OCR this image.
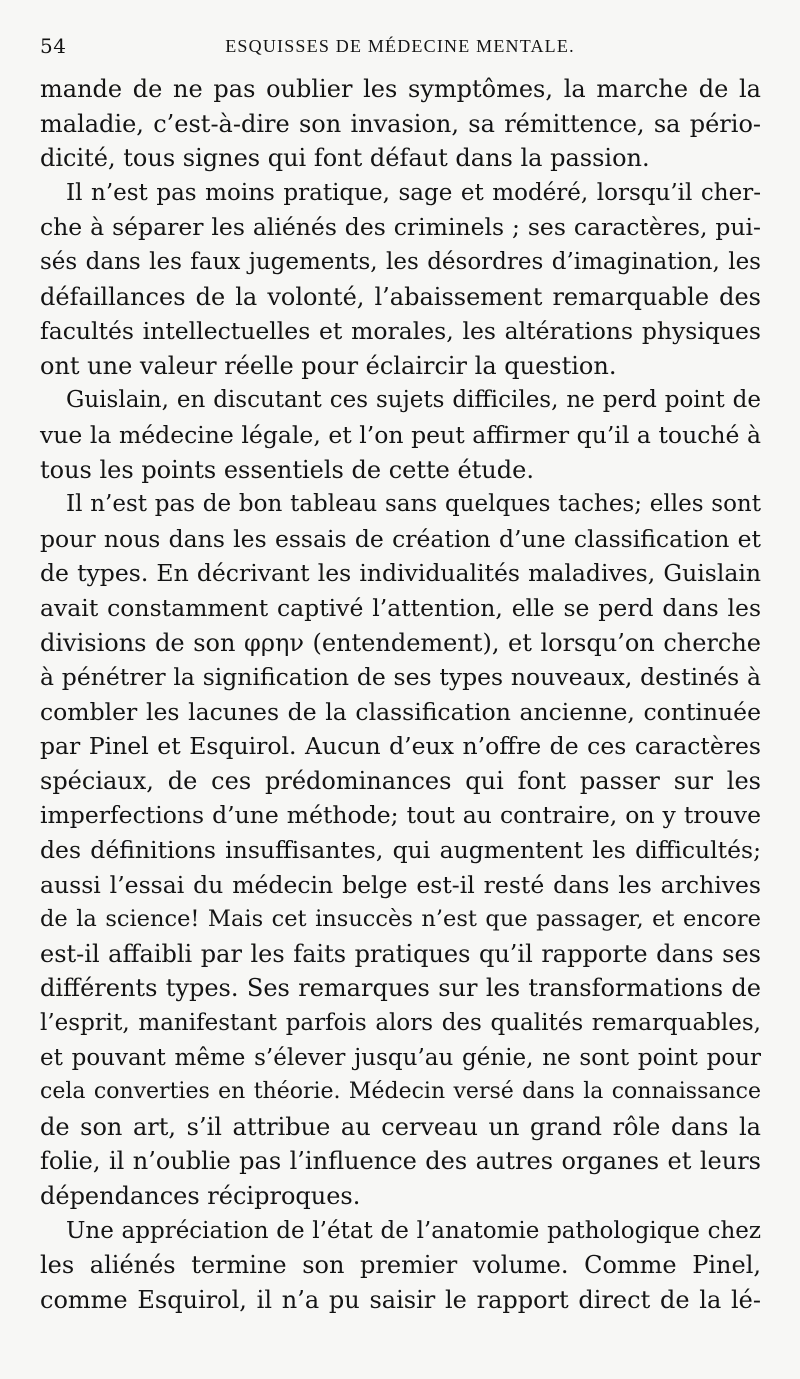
54	ESQUISSES DE MÉDECINE MENTALE.
mande de ne pas oublier les symptômes, la marche de la
maladie, c’est-à-dire son invasion, sa rémittence, sa pério-
dicité, tous signes qui font défaut dans la passion.
Il n’est pas moins pratique, sage et modéré, lorsqu’il cher-
che à séparer les aliénés des criminels ; ses caractères, pui-
sés dans les faux jugements, les désordres d’imagination, les
défaillances de la volonté, l’abaissement remarquable des
facultés intellectuelles et morales, les altérations physiques
ont une valeur réelle pour éclaircir la question.
Guislain, en discutant ces sujets difficiles, ne perd point de
vue la médecine légale, et l’on peut affirmer qu’il a touché à
tous les points essentiels de cette étude.
Il n’est pas de bon tableau sans quelques taches; elles sont
pour nous dans les essais de création d’une classification et
de types. En décrivant les individualités maladives, Guislain
avait constamment captivé l’attention, elle se perd dans les
divisions de son φρην (entendement), et lorsqu’on cherche
à pénétrer la signification de ses types nouveaux, destinés à
combler les lacunes de la classification ancienne, continuée
par Pinel et Esquirol. Aucun d’eux n’offre de ces caractères
spéciaux, de ces prédominances qui font passer sur les
imperfections d’une méthode; tout au contraire, on y trouve
des définitions insuffisantes, qui augmentent les difficultés;
aussi l’essai du médecin belge est-il resté dans les archives
de la science! Mais cet insuccès n’est que passager, et encore
est-il affaibli par les faits pratiques qu’il rapporte dans ses
différents types. Ses remarques sur les transformations de
l’esprit, manifestant parfois alors des qualités remarquables,
et pouvant même s’élever jusqu’au génie, ne sont point pour
cela converties en théorie. Médecin versé dans la connaissance
de son art, s’il attribue au cerveau un grand rôle dans la
folie, il n’oublie pas l’influence des autres organes et leurs
dépendances réciproques.
Une appréciation de l’état de l’anatomie pathologique chez
les aliénés termine son premier volume. Comme Pinel,
comme Esquirol, il n’a pu saisir le rapport direct de la lé-
